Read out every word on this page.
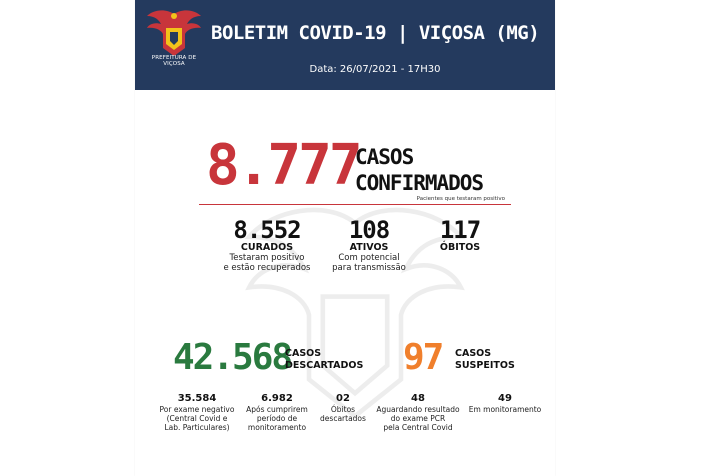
PREFEITURA DE VIÇOSA
BOLETIM COVID-19 | VIÇOSA (MG)
Data: 26/07/2021 - 17H30
8.777
CASOS
CONFIRMADOS
Pacientes que testaram positivo
8.552
CURADOS
Testaram positivo
e estão recuperados
108
ATIVOS
Com potencial
para transmissão
117
ÓBITOS
42.568
CASOS
DESCARTADOS 97 CASOS
SUSPEITOS
35.584
Por exame negativo
(Central Covid e
Lab. Particulares)
6.982
Após cumprirem
período de
monitoramento
02
Óbitos
descartados
48
Aguardando resultado
do exame PCR
pela Central Covid
49
Em monitoramento
